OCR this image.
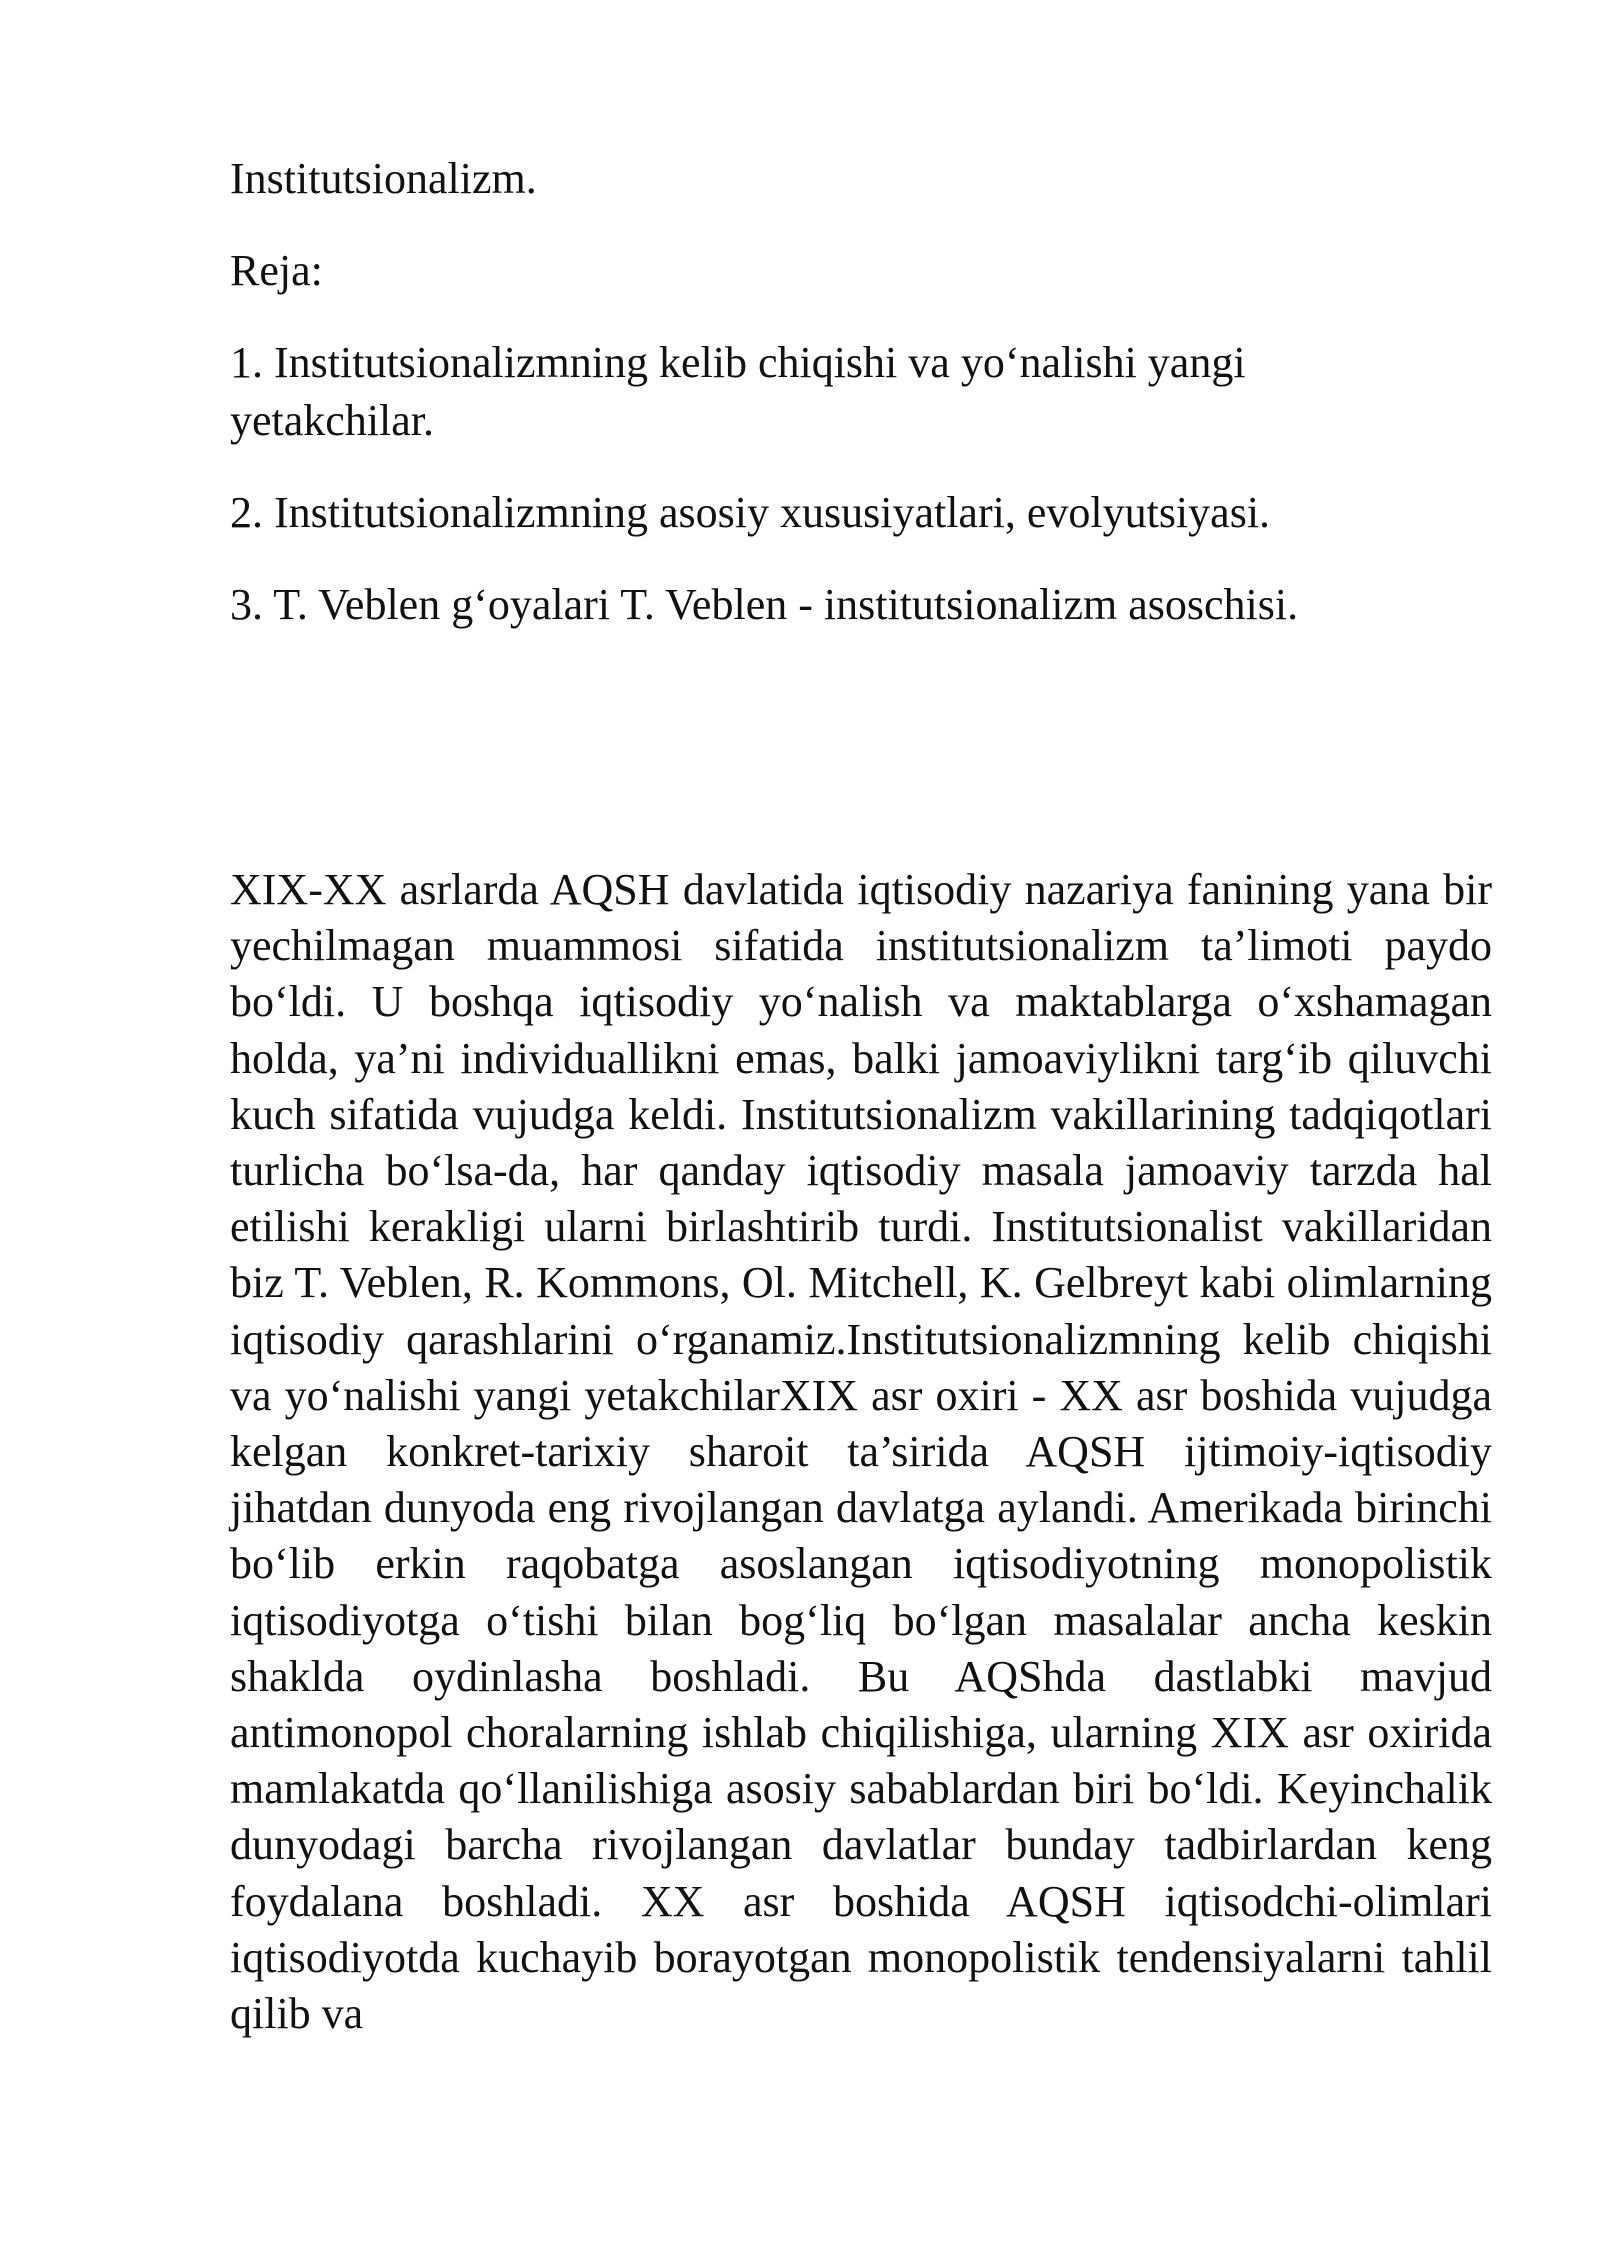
Institutsionalizm.

Reja:

1. Institutsionalizmning kelib chiqishi va yo‘nalishi yangi yetakchilar.

2. Institutsionalizmning asosiy xususiyatlari, evolyutsiyasi.

3. T. Veblen g‘oyalari T. Veblen - institutsionalizm asoschisi.

XIX-XX asrlarda AQSH davlatida iqtisodiy nazariya fanining yana bir yechilmagan muammosi sifatida institutsionalizm ta’limoti paydo bo‘ldi. U boshqa iqtisodiy yo‘nalish va maktablarga o‘xshamagan holda, ya’ni individuallikni emas, balki jamoaviylikni targ‘ib qiluvchi kuch sifatida vujudga keldi. Institutsionalizm vakillarining tadqiqotlari turlicha bo‘lsa-da, har qanday iqtisodiy masala jamoaviy tarzda hal etilishi kerakligi ularni birlashtirib turdi. Institutsionalist vakillaridan biz T. Veblen, R. Kommons, Ol. Mitchell, K. Gelbreyt kabi olimlarning iqtisodiy qarashlarini o‘rganamiz.Institutsionalizmning kelib chiqishi va yo‘nalishi yangi yetakchilarXIX asr oxiri - XX asr boshida vujudga kelgan konkret-tarixiy sharoit ta’sirida AQSH ijtimoiy-iqtisodiy jihatdan dunyoda eng rivojlangan davlatga aylandi. Amerikada birinchi bo‘lib erkin raqobatga asoslangan iqtisodiyotning monopolistik iqtisodiyotga o‘tishi bilan bog‘liq bo‘lgan masalalar ancha keskin shaklda oydinlasha boshladi. Bu AQShda dastlabki mavjud antimonopol choralarning ishlab chiqilishiga, ularning XIX asr oxirida mamlakatda qo‘llanilishiga asosiy sabablardan biri bo‘ldi. Keyinchalik dunyodagi barcha rivojlangan davlatlar bunday tadbirlardan keng foydalana boshladi. XX asr boshida AQSH iqtisodchi-olimlari iqtisodiyotda kuchayib borayotgan monopolistik tendensiyalarni tahlil qilib va
